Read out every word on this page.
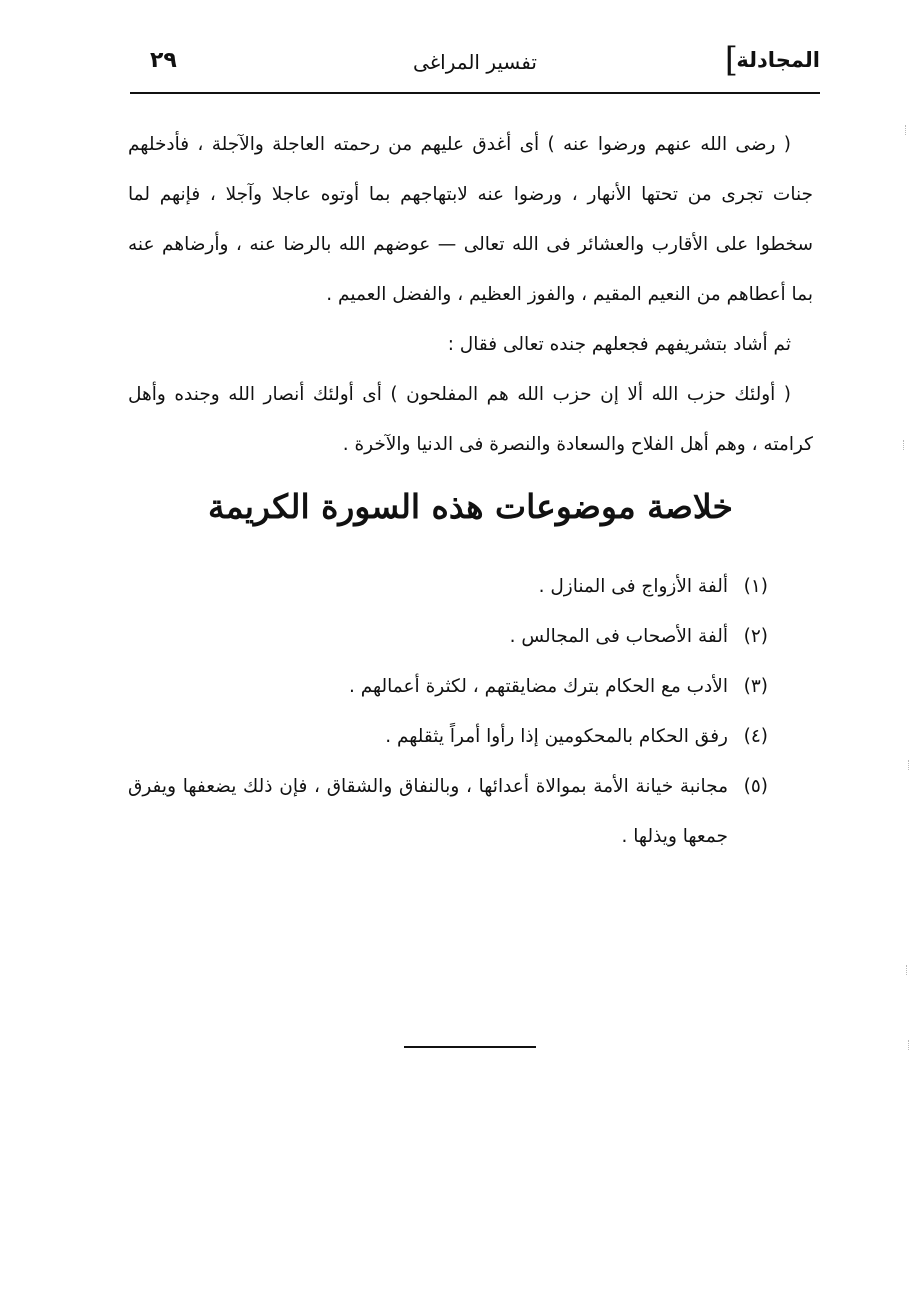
المجادلة
]
تفسير المراغى
٢٩

( رضى الله عنهم ورضوا عنه ) أى أغدق عليهم من رحمته العاجلة والآجلة ، فأدخلهم جنات تجرى من تحتها الأنهار ، ورضوا عنه لابتهاجهم بما أوتوه عاجلا وآجلا ، فإنهم لما سخطوا على الأقارب والعشائر فى الله تعالى — عوضهم الله بالرضا عنه ، وأرضاهم عنه بما أعطاهم من النعيم المقيم ، والفوز العظيم ، والفضل العميم .

ثم أشاد بتشريفهم فجعلهم جنده تعالى فقال :

( أولئك حزب الله ألا إن حزب الله هم المفلحون ) أى أولئك أنصار الله وجنده وأهل كرامته ، وهم أهل الفلاح والسعادة والنصرة فى الدنيا والآخرة .

خلاصة موضوعات هذه السورة الكريمة
(١)
ألفة الأزواج فى المنازل .
(٢)
ألفة الأصحاب فى المجالس .
(٣)
الأدب مع الحكام بترك مضايقتهم ، لكثرة أعمالهم .
(٤)
رفق الحكام بالمحكومين إذا رأوا أمراً يثقلهم .
(٥)
مجانبة خيانة الأمة بموالاة أعدائها ، وبالنفاق والشقاق ، فإن ذلك يضعفها ويفرق جمعها ويذلها .
